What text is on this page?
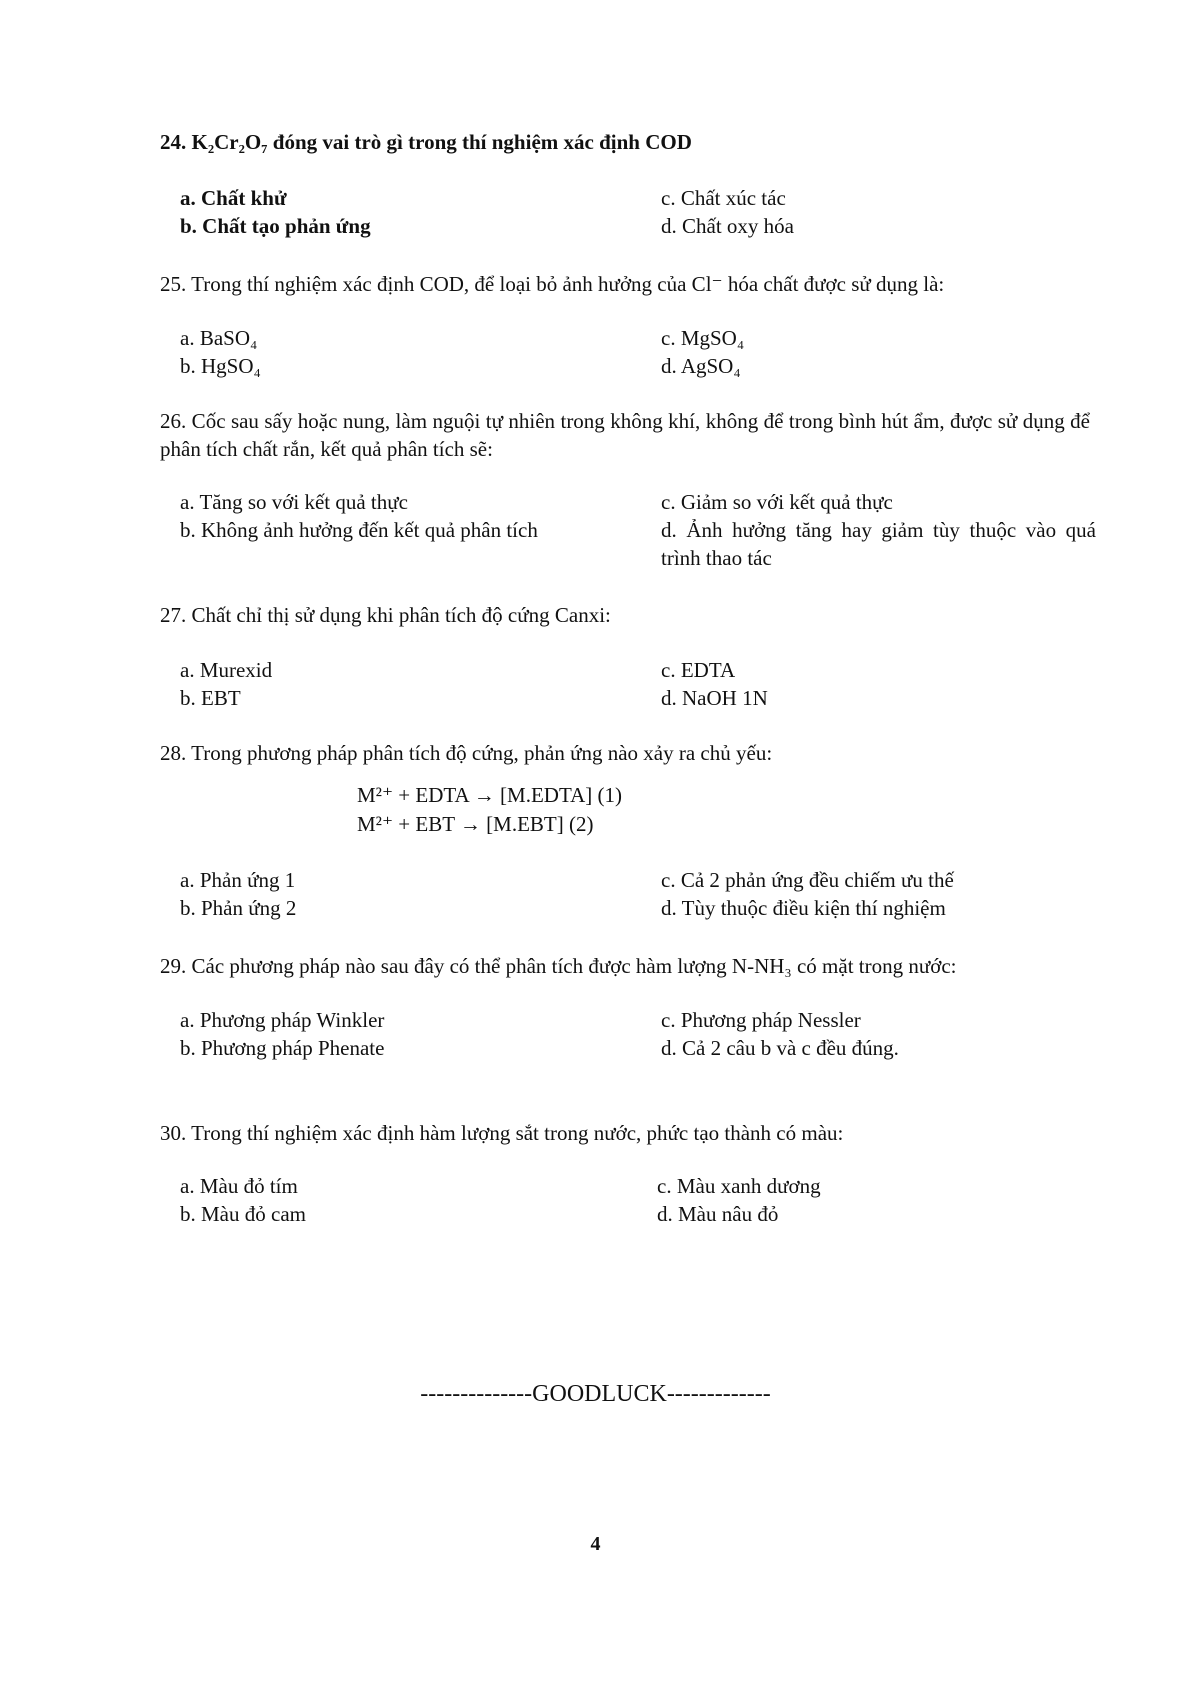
24. K₂Cr₂O₇ đóng vai trò gì trong thí nghiệm xác định COD
a. Chất khử
b. Chất tạo phản ứng
c. Chất xúc tác
d. Chất oxy hóa
25. Trong thí nghiệm xác định COD, để loại bỏ ảnh hưởng của Cl⁻ hóa chất được sử dụng là:
a. BaSO₄
b. HgSO₄
c. MgSO₄
d. AgSO₄
26. Cốc sau sấy hoặc nung, làm nguội tự nhiên trong không khí, không để trong bình hút ẩm, được sử dụng để phân tích chất rắn, kết quả phân tích sẽ:
a. Tăng so với kết quả thực
b. Không ảnh hưởng đến kết quả phân tích
c. Giảm so với kết quả thực
d. Ảnh hưởng tăng hay giảm tùy thuộc vào quá trình thao tác
27. Chất chỉ thị sử dụng khi phân tích độ cứng Canxi:
a. Murexid
b. EBT
c. EDTA
d. NaOH 1N
28. Trong phương pháp phân tích độ cứng, phản ứng nào xảy ra chủ yếu:
M²⁺ + EDTA → [M.EDTA] (1)
M²⁺ + EBT → [M.EBT] (2)
a. Phản ứng 1
b. Phản ứng 2
c. Cả 2 phản ứng đều chiếm ưu thế
d. Tùy thuộc điều kiện thí nghiệm
29. Các phương pháp nào sau đây có thể phân tích được hàm lượng N-NH₃ có mặt trong nước:
a. Phương pháp Winkler
b. Phương pháp Phenate
c. Phương pháp Nessler
d. Cả 2 câu b và c đều đúng.
30. Trong thí nghiệm xác định hàm lượng sắt trong nước, phức tạo thành có màu:
a. Màu đỏ tím
b. Màu đỏ cam
c. Màu xanh dương
d. Màu nâu đỏ
--------------GOODLUCK-------------
4
